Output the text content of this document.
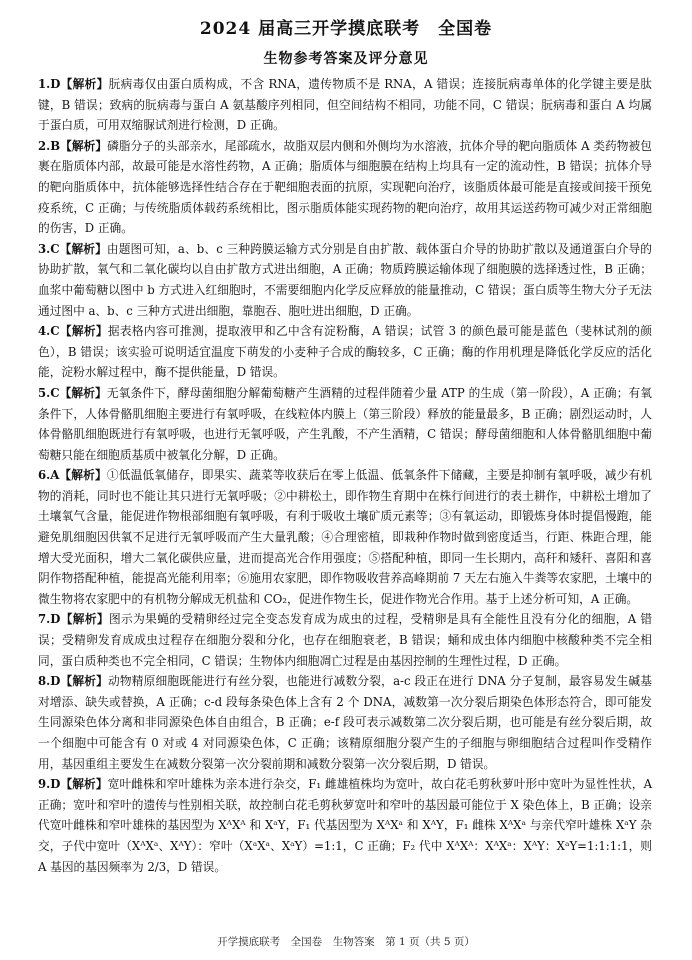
2024 届高三开学摸底联考　全国卷
生物参考答案及评分意见

1.D【解析】朊病毒仅由蛋白质构成，不含 RNA，遗传物质不是 RNA，A 错误；连接朊病毒单体的化学键主要是肽键，B 错误；致病的朊病毒与蛋白 A 氨基酸序列相同，但空间结构不相同，功能不同，C 错误；朊病毒和蛋白 A 均属于蛋白质，可用双缩脲试剂进行检测，D 正确。

2.B【解析】磷脂分子的头部亲水，尾部疏水，故脂双层内侧和外侧均为水溶液，抗体介导的靶向脂质体 A 类药物被包裹在脂质体内部，故最可能是水溶性药物，A 正确；脂质体与细胞膜在结构上均具有一定的流动性，B 错误；抗体介导的靶向脂质体中，抗体能够选择性结合存在于靶细胞表面的抗原，实现靶向治疗，该脂质体最可能是直接或间接干预免疫系统，C 正确；与传统脂质体载药系统相比，图示脂质体能实现药物的靶向治疗，故用其运送药物可减少对正常细胞的伤害，D 正确。

3.C【解析】由题图可知，a、b、c 三种跨膜运输方式分别是自由扩散、载体蛋白介导的协助扩散以及通道蛋白介导的协助扩散，氧气和二氧化碳均以自由扩散方式进出细胞，A 正确；物质跨膜运输体现了细胞膜的选择透过性，B 正确；血浆中葡萄糖以图中 b 方式进入红细胞时，不需要细胞内化学反应释放的能量推动，C 错误；蛋白质等生物大分子无法通过图中 a、b、c 三种方式进出细胞，靠胞吞、胞吐进出细胞，D 正确。

4.C【解析】据表格内容可推测，提取液甲和乙中含有淀粉酶，A 错误；试管 3 的颜色最可能是蓝色（斐林试剂的颜色），B 错误；该实验可说明适宜温度下萌发的小麦种子合成的酶较多，C 正确；酶的作用机理是降低化学反应的活化能，淀粉水解过程中，酶不提供能量，D 错误。

5.C【解析】无氧条件下，酵母菌细胞分解葡萄糖产生酒精的过程伴随着少量 ATP 的生成（第一阶段），A 正确；有氧条件下，人体骨骼肌细胞主要进行有氧呼吸，在线粒体内膜上（第三阶段）释放的能量最多，B 正确；剧烈运动时，人体骨骼肌细胞既进行有氧呼吸，也进行无氧呼吸，产生乳酸，不产生酒精，C 错误；酵母菌细胞和人体骨骼肌细胞中葡萄糖只能在细胞质基质中被氧化分解，D 正确。

6.A【解析】①低温低氧储存，即果实、蔬菜等收获后在零上低温、低氧条件下储藏，主要是抑制有氧呼吸，减少有机物的消耗，同时也不能让其只进行无氧呼吸；②中耕松土，即作物生育期中在株行间进行的表土耕作，中耕松土增加了土壤氧气含量，能促进作物根部细胞有氧呼吸，有利于吸收土壤矿质元素等；③有氧运动，即锻炼身体时提倡慢跑，能避免肌细胞因供氧不足进行无氧呼吸而产生大量乳酸；④合理密植，即栽种作物时做到密度适当，行距、株距合理，能增大受光面积，增大二氧化碳供应量，进而提高光合作用强度；⑤搭配种植，即同一生长期内，高秆和矮秆、喜阳和喜阴作物搭配种植，能提高光能利用率；⑥施用农家肥，即作物吸收营养高峰期前 7 天左右施入牛粪等农家肥，土壤中的微生物将农家肥中的有机物分解成无机盐和 CO₂，促进作物生长，促进作物光合作用。基于上述分析可知，A 正确。

7.D【解析】图示为果蝇的受精卵经过完全变态发育成为成虫的过程，受精卵是具有全能性且没有分化的细胞，A 错误；受精卵发育成成虫过程存在细胞分裂和分化，也存在细胞衰老，B 错误；蛹和成虫体内细胞中核酸种类不完全相同，蛋白质种类也不完全相同，C 错误；生物体内细胞凋亡过程是由基因控制的生理性过程，D 正确。

8.D【解析】动物精原细胞既能进行有丝分裂，也能进行减数分裂，a-c 段正在进行 DNA 分子复制，最容易发生碱基对增添、缺失或替换，A 正确；c-d 段每条染色体上含有 2 个 DNA，减数第一次分裂后期染色体形态符合，即可能发生同源染色体分离和非同源染色体自由组合，B 正确；e-f 段可表示减数第二次分裂后期，也可能是有丝分裂后期，故一个细胞中可能含有 0 对或 4 对同源染色体，C 正确；该精原细胞分裂产生的子细胞与卵细胞结合过程叫作受精作用，基因重组主要发生在减数分裂第一次分裂前期和减数分裂第一次分裂后期，D 错误。

9.D【解析】宽叶雌株和窄叶雄株为亲本进行杂交，F₁ 雌雄植株均为宽叶，故白花毛剪秋萝叶形中宽叶为显性性状，A 正确；宽叶和窄叶的遗传与性别相关联，故控制白花毛剪秋萝宽叶和窄叶的基因最可能位于 X 染色体上，B 正确；设亲代宽叶雌株和窄叶雄株的基因型为 XᴬXᴬ 和 XᵃY，F₁ 代基因型为 XᴬXᵃ 和 XᴬY，F₁ 雌株 XᴬXᵃ 与亲代窄叶雄株 XᵃY 杂交，子代中宽叶（XᴬXᵃ、XᴬY）：窄叶（XᵃXᵃ、XᵃY）=1:1，C 正确；F₂ 代中 XᴬXᴬ：XᴬXᵃ：XᴬY：XᵃY=1:1:1:1，则 A 基因的基因频率为 2/3，D 错误。

开学摸底联考　全国卷　生物答案　第 1 页（共 5 页）
